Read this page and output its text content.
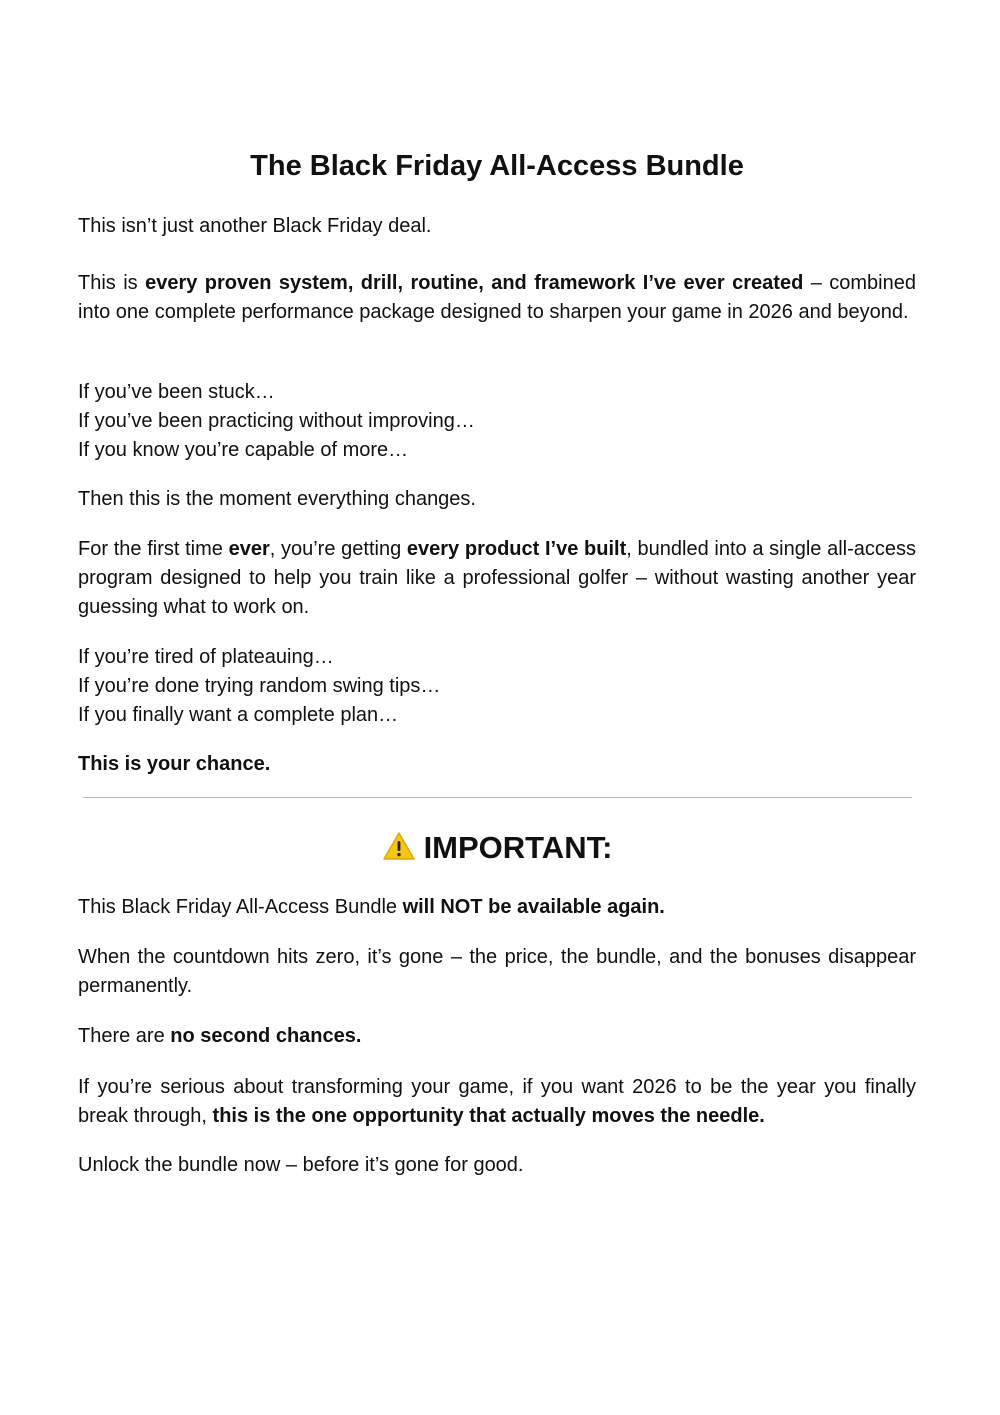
The Black Friday All-Access Bundle

This isn’t just another Black Friday deal.

This is every proven system, drill, routine, and framework I’ve ever created – combined into one complete performance package designed to sharpen your game in 2026 and beyond.

If you’ve been stuck…
If you’ve been practicing without improving…
If you know you’re capable of more…

Then this is the moment everything changes.

For the first time ever, you’re getting every product I’ve built, bundled into a single all-access program designed to help you train like a professional golfer – without wasting another year guessing what to work on.

If you’re tired of plateauing…
If you’re done trying random swing tips…
If you finally want a complete plan…

This is your chance.

IMPORTANT:

This Black Friday All-Access Bundle will NOT be available again.

When the countdown hits zero, it’s gone – the price, the bundle, and the bonuses disappear permanently.

There are no second chances.

If you’re serious about transforming your game, if you want 2026 to be the year you finally break through, this is the one opportunity that actually moves the needle.

Unlock the bundle now – before it’s gone for good.
